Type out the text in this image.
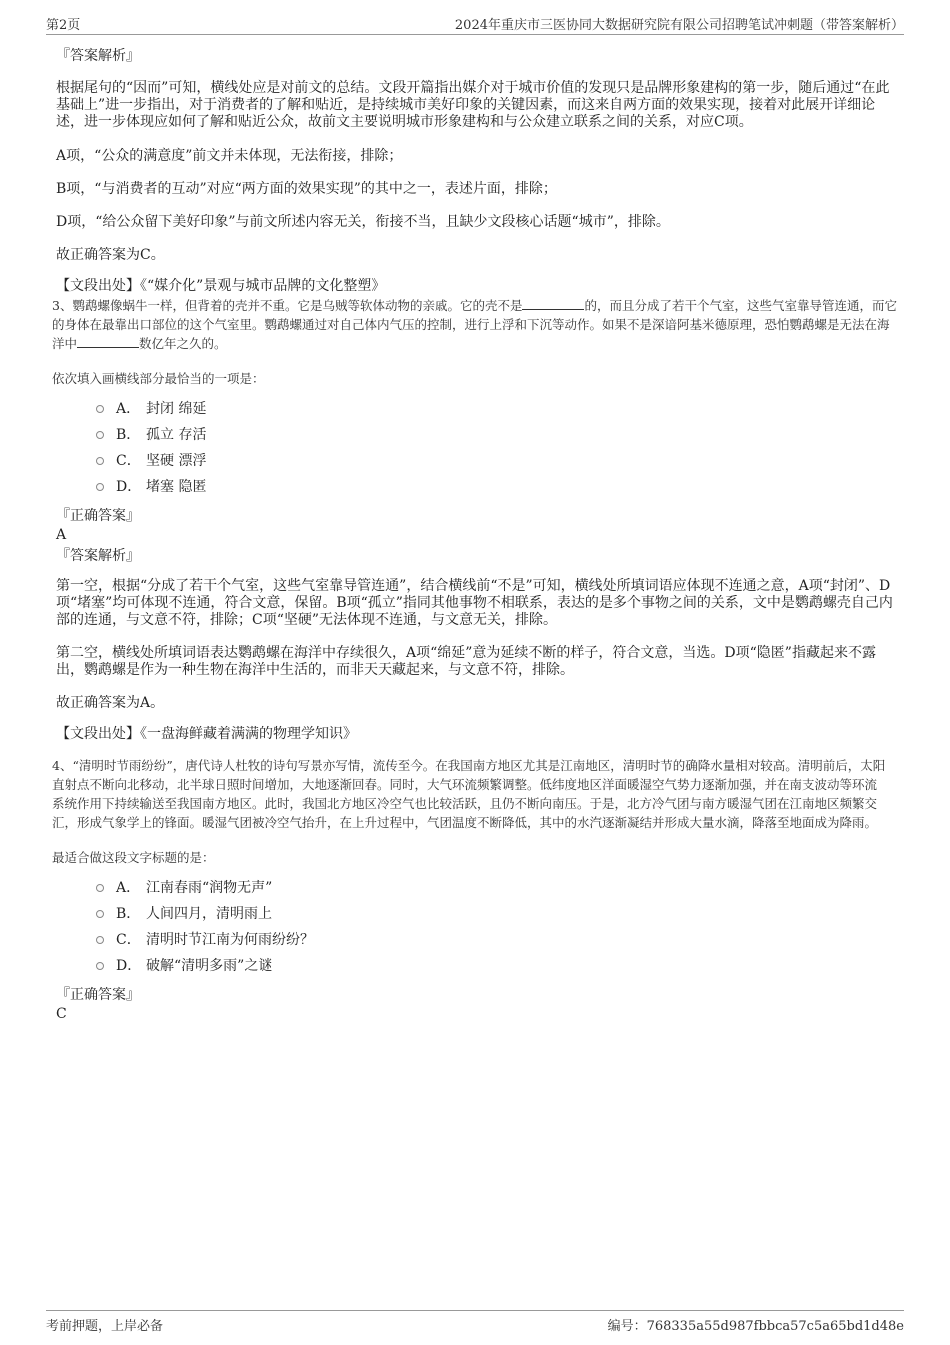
第2页	2024年重庆市三医协同大数据研究院有限公司招聘笔试冲刺题（带答案解析）

『答案解析』

根据尾句的“因而”可知，横线处应是对前文的总结。文段开篇指出媒介对于城市价值的发现只是品牌形象建构的第一步，随后通过“在此基础上”进一步指出，对于消费者的了解和贴近，是持续城市美好印象的关键因素，而这来自两方面的效果实现，接着对此展开详细论述，进一步体现应如何了解和贴近公众，故前文主要说明城市形象建构和与公众建立联系之间的关系，对应C项。

A项，“公众的满意度”前文并未体现，无法衔接，排除；

B项，“与消费者的互动”对应“两方面的效果实现”的其中之一，表述片面，排除；

D项，“给公众留下美好印象”与前文所述内容无关，衔接不当，且缺少文段核心话题“城市”，排除。

故正确答案为C。

【文段出处】《“媒介化”景观与城市品牌的文化整塑》

3、鹦鹉螺像蜗牛一样，但背着的壳并不重。它是乌贼等软体动物的亲戚。它的壳不是	的，而且分成了若干个气室，这些气室靠导管连通，而它的身体在最靠出口部位的这个气室里。鹦鹉螺通过对自己体内气压的控制，进行上浮和下沉等动作。如果不是深谙阿基米德原理，恐怕鹦鹉螺是无法在海洋中	数亿年之久的。

依次填入画横线部分最恰当的一项是：

A． 封闭 绵延
B． 孤立 存活
C． 坚硬 漂浮
D． 堵塞 隐匿

『正确答案』

A

『答案解析』

第一空，根据“分成了若干个气室，这些气室靠导管连通”，结合横线前“不是”可知，横线处所填词语应体现不连通之意，A项“封闭”、D项“堵塞”均可体现不连通，符合文意，保留。B项“孤立”指同其他事物不相联系，表达的是多个事物之间的关系，文中是鹦鹉螺壳自己内部的连通，与文意不符，排除；C项“坚硬”无法体现不连通，与文意无关，排除。

第二空，横线处所填词语表达鹦鹉螺在海洋中存续很久，A项“绵延”意为延续不断的样子，符合文意，当选。D项“隐匿”指藏起来不露出，鹦鹉螺是作为一种生物在海洋中生活的，而非天天藏起来，与文意不符，排除。

故正确答案为A。

【文段出处】《一盘海鲜藏着满满的物理学知识》

4、“清明时节雨纷纷”，唐代诗人杜牧的诗句写景亦写情，流传至今。在我国南方地区尤其是江南地区，清明时节的确降水量相对较高。清明前后，太阳直射点不断向北移动，北半球日照时间增加，大地逐渐回春。同时，大气环流频繁调整。低纬度地区洋面暖湿空气势力逐渐加强，并在南支波动等环流系统作用下持续输送至我国南方地区。此时，我国北方地区冷空气也比较活跃，且仍不断向南压。于是，北方冷气团与南方暖湿气团在江南地区频繁交汇，形成气象学上的锋面。暖湿气团被冷空气抬升，在上升过程中，气团温度不断降低，其中的水汽逐渐凝结并形成大量水滴，降落至地面成为降雨。

最适合做这段文字标题的是：

A． 江南春雨“润物无声”
B． 人间四月，清明雨上
C． 清明时节江南为何雨纷纷？
D． 破解“清明多雨”之谜

『正确答案』

C

考前押题，上岸必备	编号：768335a55d987fbbca57c5a65bd1d48e
